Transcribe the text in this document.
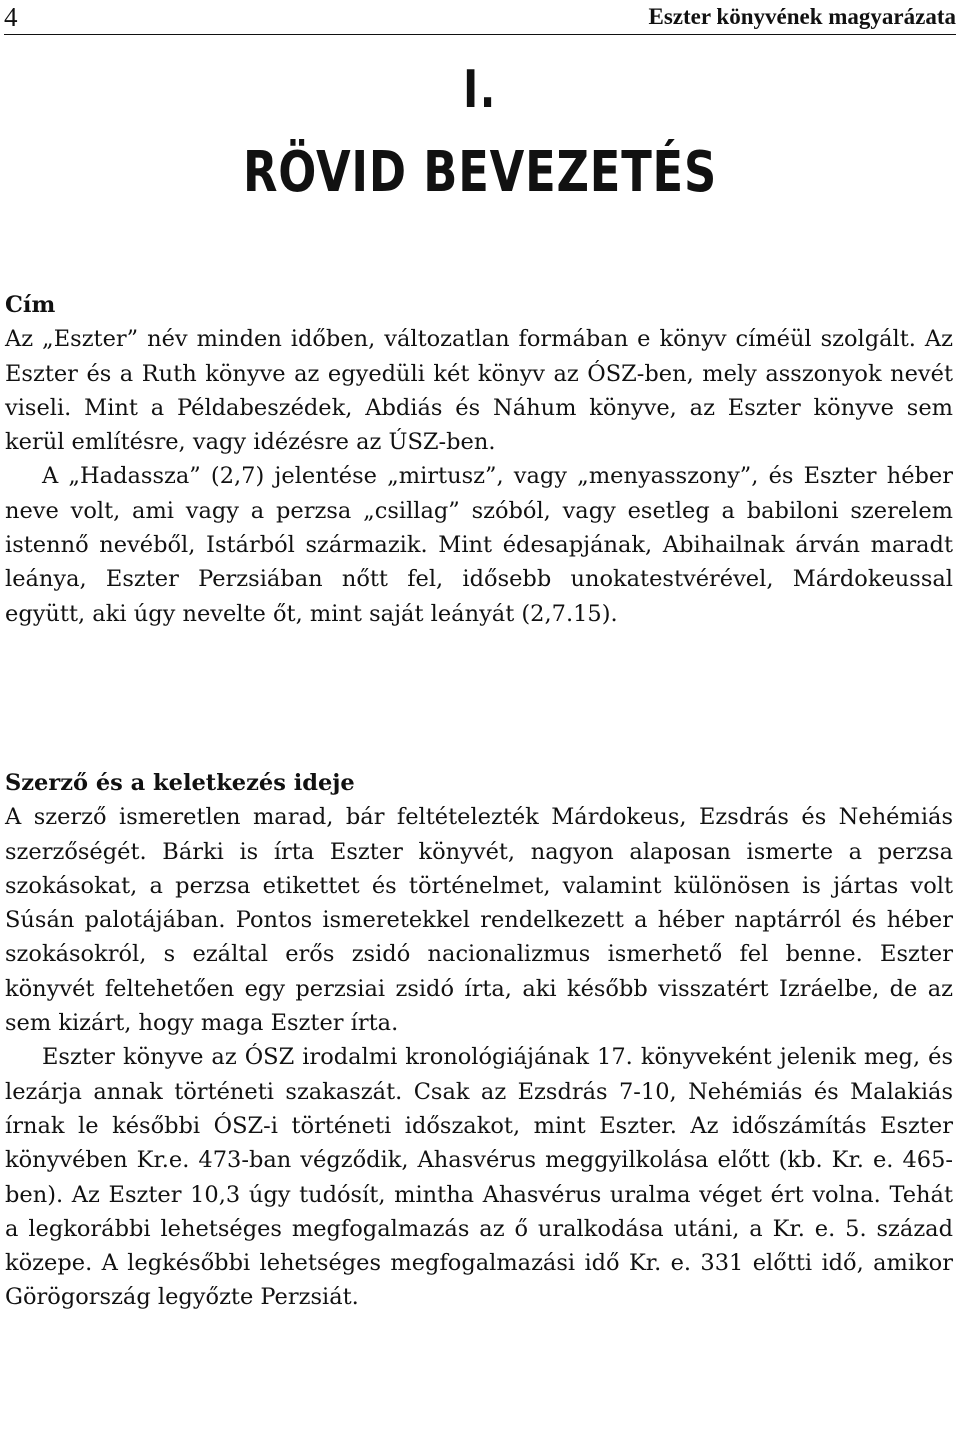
4	Eszter könyvének magyarázata
I.
RÖVID BEVEZETÉS
Cím

Az „Eszter” név minden időben, változatlan formában e könyv címéül szolgált. Az Eszter és a Ruth könyve az egyedüli két könyv az ÓSZ-ben, mely asszonyok nevét viseli. Mint a Példabeszédek, Abdiás és Náhum könyve, az Eszter könyve sem kerül említésre, vagy idézésre az ÚSZ-ben.

A „Hadassza” (2,7) jelentése „mirtusz”, vagy „menyasszony”, és Eszter héber neve volt, ami vagy a perzsa „csillag” szóból, vagy esetleg a babiloni szerelem istennő nevéből, Istárból származik. Mint édesapjának, Abihailnak árván maradt leánya, Eszter Perzsiában nőtt fel, idősebb unokatestvérével, Márdokeussal együtt, aki úgy nevelte őt, mint saját leányát (2,7.15).

Szerző és a keletkezés ideje

A szerző ismeretlen marad, bár feltételezték Márdokeus, Ezsdrás és Nehémiás szerzőségét. Bárki is írta Eszter könyvét, nagyon alaposan ismerte a perzsa szokásokat, a perzsa etikettet és történelmet, valamint különösen is jártas volt Súsán palotájában. Pontos ismeretekkel rendelkezett a héber naptárról és héber szokásokról, s ezáltal erős zsidó nacionalizmus ismerhető fel benne. Eszter könyvét feltehetően egy perzsiai zsidó írta, aki később visszatért Izráelbe, de az sem kizárt, hogy maga Eszter írta.

Eszter könyve az ÓSZ irodalmi kronológiájának 17. könyveként jelenik meg, és lezárja annak történeti szakaszát. Csak az Ezsdrás 7-10, Nehémiás és Malakiás írnak le későbbi ÓSZ-i történeti időszakot, mint Eszter. Az időszámítás Eszter könyvében Kr.e. 473-ban végződik, Ahasvérus meggyilkolása előtt (kb. Kr. e. 465-ben). Az Eszter 10,3 úgy tudósít, mintha Ahasvérus uralma véget ért volna. Tehát a legkorábbi lehetséges megfogalmazás az ő uralkodása utáni, a Kr. e. 5. század közepe. A legkésőbbi lehetséges megfogalmazási idő Kr. e. 331 előtti idő, amikor Görögország legyőzte Perzsiát.
